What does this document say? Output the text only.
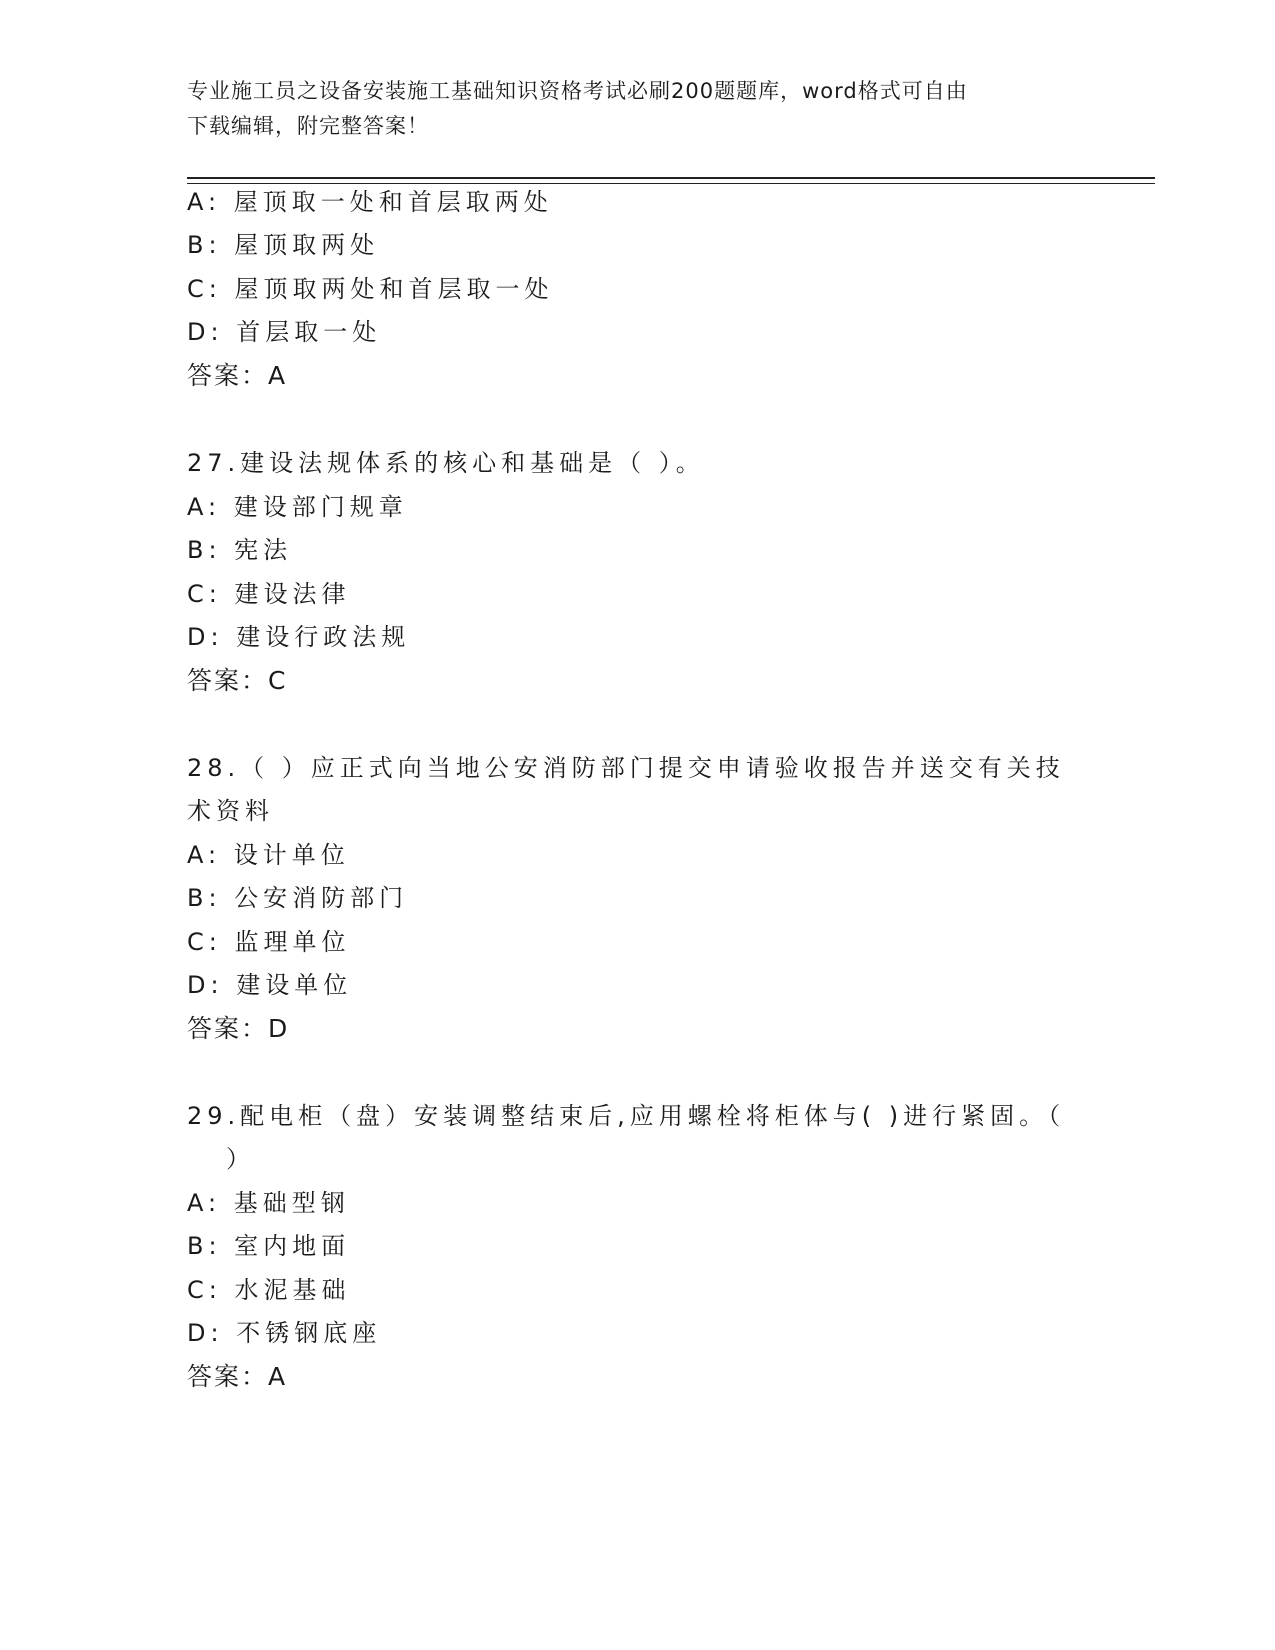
专业施工员之设备安装施工基础知识资格考试必刷200题题库，word格式可自由
下载编辑，附完整答案！
A: 屋顶取一处和首层取两处
B: 屋顶取两处
C: 屋顶取两处和首层取一处
D: 首层取一处
答案：A
27.建设法规体系的核心和基础是（ ）。
A: 建设部门规章
B: 宪法
C: 建设法律
D: 建设行政法规
答案：C
28.（ ）应正式向当地公安消防部门提交申请验收报告并送交有关技
术资料
A: 设计单位
B: 公安消防部门
C: 监理单位
D: 建设单位
答案：D
29.配电柜（盘）安装调整结束后,应用螺栓将柜体与( )进行紧固。（
）
A: 基础型钢
B: 室内地面
C: 水泥基础
D: 不锈钢底座
答案：A
